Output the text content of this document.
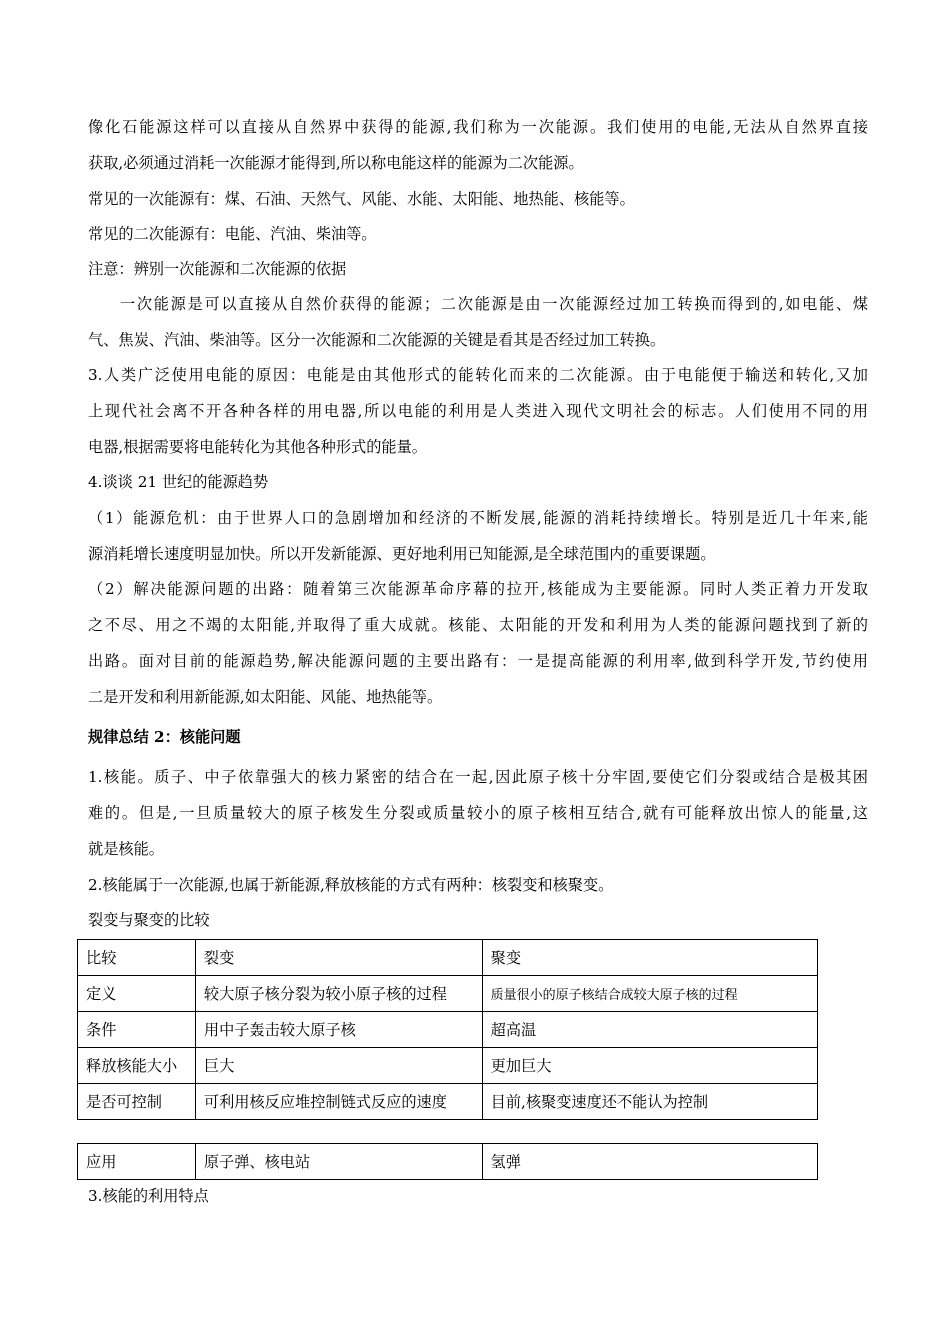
像化石能源这样可以直接从自然界中获得的能源,我们称为一次能源。我们使用的电能,无法从自然界直接

获取,必须通过消耗一次能源才能得到,所以称电能这样的能源为二次能源。

常见的一次能源有：煤、石油、天然气、风能、水能、太阳能、地热能、核能等。

常见的二次能源有：电能、汽油、柴油等。

注意：辨别一次能源和二次能源的依据

一次能源是可以直接从自然价获得的能源；二次能源是由一次能源经过加工转换而得到的,如电能、煤

气、焦炭、汽油、柴油等。区分一次能源和二次能源的关键是看其是否经过加工转换。

3.人类广泛使用电能的原因：电能是由其他形式的能转化而来的二次能源。由于电能便于输送和转化,又加

上现代社会离不开各种各样的用电器,所以电能的利用是人类进入现代文明社会的标志。人们使用不同的用

电器,根据需要将电能转化为其他各种形式的能量。

4.谈谈 21 世纪的能源趋势

（1）能源危机：由于世界人口的急剧增加和经济的不断发展,能源的消耗持续增长。特别是近几十年来,能

源消耗增长速度明显加快。所以开发新能源、更好地利用已知能源,是全球范围内的重要课题。

（2）解决能源问题的出路：随着第三次能源革命序幕的拉开,核能成为主要能源。同时人类正着力开发取

之不尽、用之不竭的太阳能,并取得了重大成就。核能、太阳能的开发和利用为人类的能源问题找到了新的

出路。面对目前的能源趋势,解决能源问题的主要出路有：一是提高能源的利用率,做到科学开发,节约使用

二是开发和利用新能源,如太阳能、风能、地热能等。

规律总结 2：核能问题

1.核能。质子、中子依靠强大的核力紧密的结合在一起,因此原子核十分牢固,要使它们分裂或结合是极其困

难的。但是,一旦质量较大的原子核发生分裂或质量较小的原子核相互结合,就有可能释放出惊人的能量,这

就是核能。

2.核能属于一次能源,也属于新能源,释放核能的方式有两种：核裂变和核聚变。

裂变与聚变的比较

3.核能的利用特点

比较	裂变	聚变
定义	较大原子核分裂为较小原子核的过程	质量很小的原子核结合成较大原子核的过程
条件	用中子轰击较大原子核	超高温
释放核能大小	巨大	更加巨大
是否可控制	可利用核反应堆控制链式反应的速度	目前,核聚变速度还不能认为控制
应用	原子弹、核电站	氢弹
